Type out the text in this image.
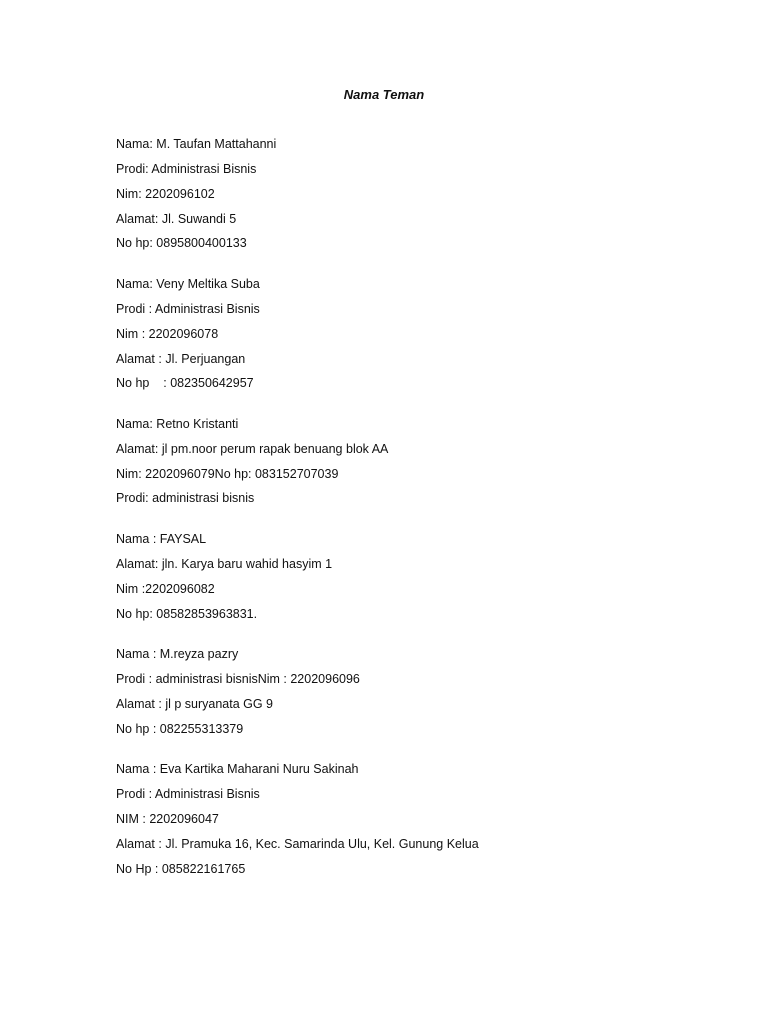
Nama Teman
Nama: M. Taufan Mattahanni
Prodi: Administrasi Bisnis
Nim: 2202096102
Alamat: Jl. Suwandi 5
No hp: 0895800400133
Nama: Veny Meltika Suba
Prodi : Administrasi Bisnis
Nim : 2202096078
Alamat : Jl. Perjuangan
No hp    : 082350642957
Nama: Retno Kristanti
Alamat: jl pm.noor perum rapak benuang blok AA
Nim: 2202096079No hp: 083152707039
Prodi: administrasi bisnis
Nama : FAYSAL
Alamat: jln. Karya baru wahid hasyim 1
Nim :2202096082
No hp: 08582853963831.
Nama : M.reyza pazry
Prodi : administrasi bisnisNim : 2202096096
Alamat : jl p suryanata GG 9
No hp : 082255313379
Nama : Eva Kartika Maharani Nuru Sakinah
Prodi : Administrasi Bisnis
NIM : 2202096047
Alamat : Jl. Pramuka 16, Kec. Samarinda Ulu, Kel. Gunung Kelua
No Hp : 085822161765
